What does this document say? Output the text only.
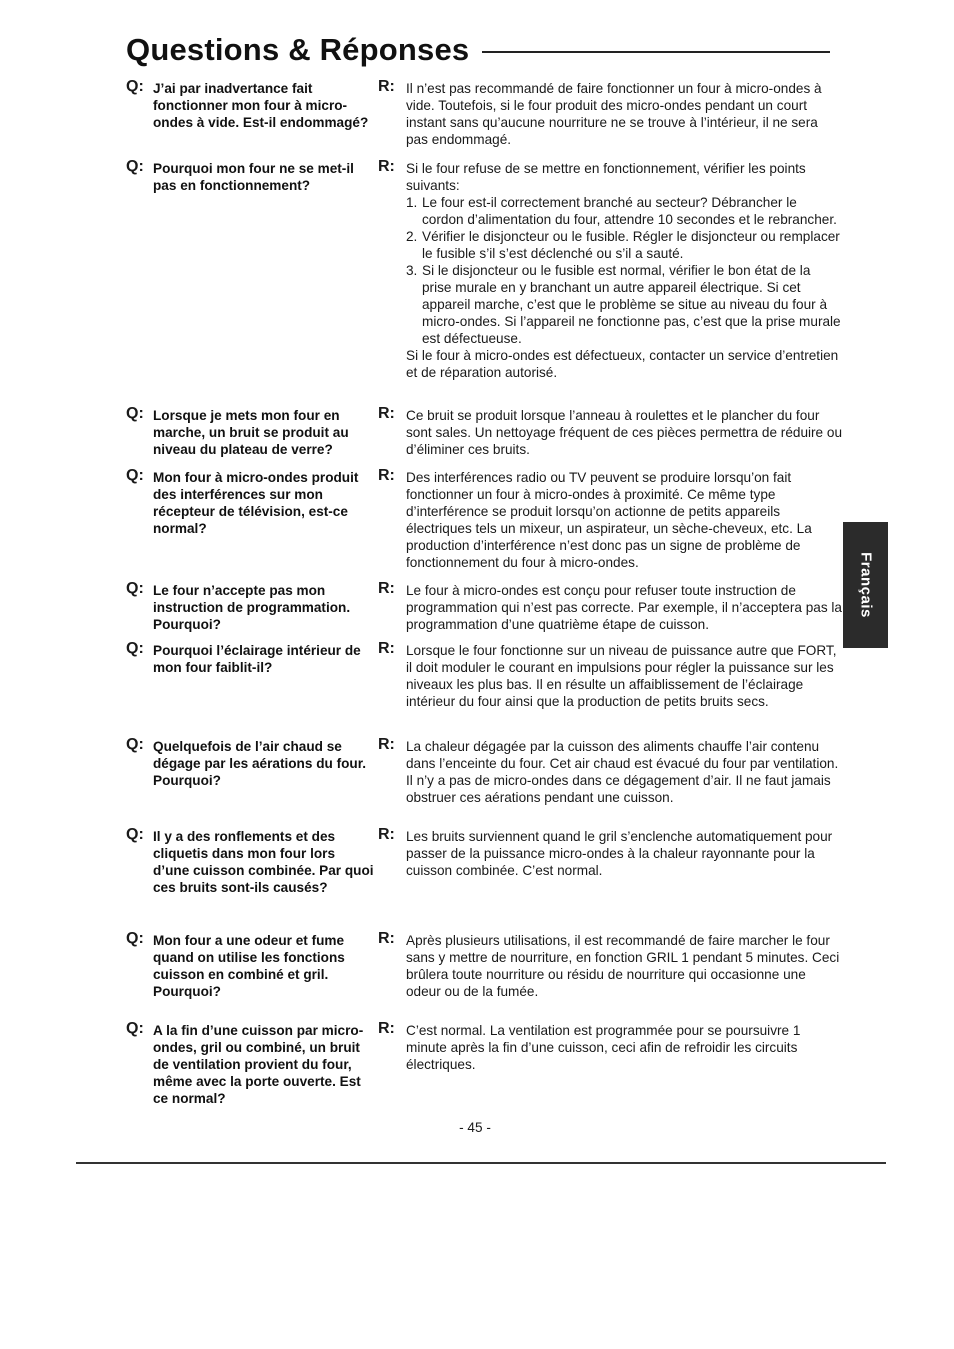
Questions & Réponses
Q: J’ai par inadvertance fait fonctionner mon four à micro-ondes à vide. Est-il endommagé?
R: Il n’est pas recommandé de faire fonctionner un four à micro-ondes à vide. Toutefois, si le four produit des micro-ondes pendant un court instant sans qu’aucune nourriture ne se trouve à l’intérieur, il ne sera pas endommagé.

Q: Pourquoi mon four ne se met-il pas en fonctionnement?
R: Si le four refuse de se mettre en fonctionnement, vérifier les points suivants:

1. Le four est-il correctement branché au secteur? Débrancher le cordon d’alimentation du four, attendre 10 secondes et le rebrancher.
2. Vérifier le disjoncteur ou le fusible. Régler le disjoncteur ou remplacer le fusible s’il s’est déclenché ou s’il a sauté.
3. Si le disjoncteur ou le fusible est normal, vérifier le bon état de la prise murale en y branchant un autre appareil électrique. Si cet appareil marche, c’est que le problème se situe au niveau du four à micro-ondes. Si l’appareil ne fonctionne pas, c’est que la prise murale est défectueuse.

Si le four à micro-ondes est défectueux, contacter un service d’entretien et de réparation autorisé.

Q: Lorsque je mets mon four en marche, un bruit se produit au niveau du plateau de verre?
R: Ce bruit se produit lorsque l’anneau à roulettes et le plancher du four sont sales. Un nettoyage fréquent de ces pièces permettra de réduire ou d’éliminer ces bruits.

Q: Mon four à micro-ondes produit des interférences sur mon récepteur de télévision, est-ce normal?
R: Des interférences radio ou TV peuvent se produire lorsqu’on fait fonctionner un four à micro-ondes à proximité. Ce même type d’interférence se produit lorsqu’on actionne de petits appareils électriques tels un mixeur, un aspirateur, un sèche-cheveux, etc. La production d’interférence n’est donc pas un signe de problème de fonctionnement du four à micro-ondes.

Q: Le four n’accepte pas mon instruction de programmation. Pourquoi?
R: Le four à micro-ondes est conçu pour refuser toute instruction de programmation qui n’est pas correcte. Par exemple, il n’acceptera pas la programmation d’une quatrième étape de cuisson.

Q: Pourquoi l’éclairage intérieur de mon four faiblit-il?
R: Lorsque le four fonctionne sur un niveau de puissance autre que FORT, il doit moduler le courant en impulsions pour régler la puissance sur les niveaux les plus bas. Il en résulte un affaiblissement de l’éclairage intérieur du four ainsi que la production de petits bruits secs.

Q: Quelquefois de l’air chaud se dégage par les aérations du four. Pourquoi?
R: La chaleur dégagée par la cuisson des aliments chauffe l’air contenu dans l’enceinte du four. Cet air chaud est évacué du four par ventilation. Il n’y a pas de micro-ondes dans ce dégagement d’air. Il ne faut jamais obstruer ces aérations pendant une cuisson.

Q: Il y a des ronflements et des cliquetis dans mon four lors d’une cuisson combinée. Par quoi ces bruits sont-ils causés?
R: Les bruits surviennent quand le gril s’enclenche automatiquement pour passer de la puissance micro-ondes à la chaleur rayonnante pour la cuisson combinée. C’est normal.

Q: Mon four a une odeur et fume quand on utilise les fonctions cuisson en combiné et gril. Pourquoi?
R: Après plusieurs utilisations, il est recommandé de faire marcher le four sans y mettre de nourriture, en fonction GRIL 1 pendant 5 minutes. Ceci brûlera toute nourriture ou résidu de nourriture qui occasionne une odeur ou de la fumée.

Q: A la fin d’une cuisson par micro-ondes, gril ou combiné, un bruit de ventilation provient du four, même avec la porte ouverte. Est ce normal?
R: C’est normal. La ventilation est programmée pour se poursuivre 1 minute après la fin d’une cuisson, ceci afin de refroidir les circuits électriques.

Français
- 45 -
